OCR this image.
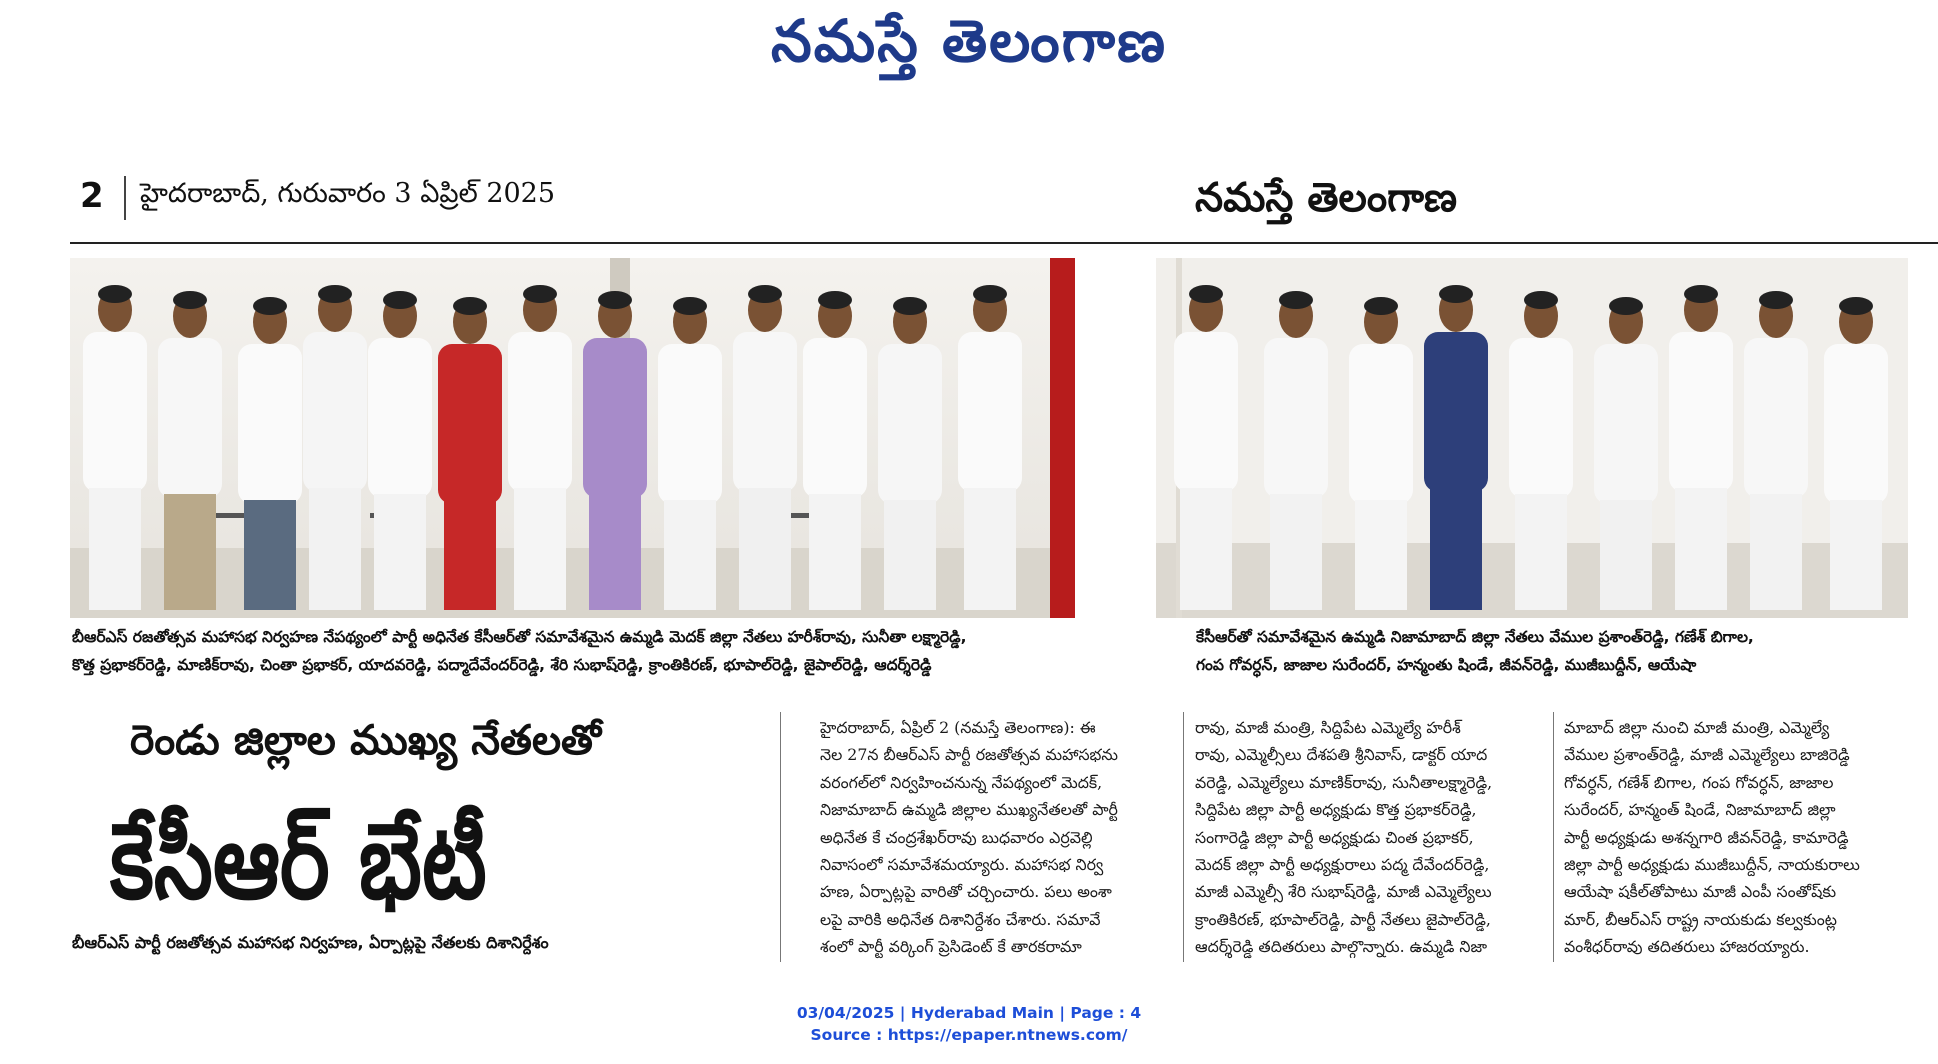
నమస్తే తెలంగాణ
2 హైదరాబాద్, గురువారం 3 ఏప్రిల్ 2025	నమస్తే తెలంగాణ
బీఆర్ఎస్ రజతోత్సవ మహాసభ నిర్వహణ నేపథ్యంలో పార్టీ అధినేత కేసీఆర్‌తో సమావేశమైన ఉమ్మడి మెదక్ జిల్లా నేతలు హరీశ్‌రావు, సునీతా లక్ష్మారెడ్డి,
కొత్త ప్రభాకర్‌రెడ్డి, మాణిక్‌రావు, చింతా ప్రభాకర్, యాదవరెడ్డి, పద్మాదేవేందర్‌రెడ్డి, శేరి సుభాష్‌రెడ్డి, క్రాంతికిరణ్, భూపాల్‌రెడ్డి, జైపాల్‌రెడ్డి, ఆదర్శ్‌రెడ్డి
కేసీఆర్‌తో సమావేశమైన ఉమ్మడి నిజామాబాద్ జిల్లా నేతలు వేముల ప్రశాంత్‌రెడ్డి, గణేశ్ బిగాల,
గంప గోవర్ధన్, జాజాల సురేందర్, హన్మంతు షిండే, జీవన్‌రెడ్డి, ముజీబుద్దీన్, ఆయేషా
రెండు జిల్లాల ముఖ్య నేతలతో
కేసీఆర్ భేటీ
బీఆర్ఎస్ పార్టీ రజతోత్సవ మహాసభ నిర్వహణ, ఏర్పాట్లపై నేతలకు దిశానిర్దేశం
హైదరాబాద్, ఏప్రిల్ 2 (నమస్తే తెలంగాణ): ఈ
నెల 27న బీఆర్ఎస్ పార్టీ రజతోత్సవ మహాసభను
వరంగల్‌లో నిర్వహించనున్న నేపథ్యంలో మెదక్,
నిజామాబాద్ ఉమ్మడి జిల్లాల ముఖ్యనేతలతో పార్టీ
అధినేత కే చంద్రశేఖర్‌రావు బుధవారం ఎర్రవెల్లి
నివాసంలో సమావేశమయ్యారు. మహాసభ నిర్వ
హణ, ఏర్పాట్లపై వారితో చర్చించారు. పలు అంశా
లపై వారికి అధినేత దిశానిర్దేశం చేశారు. సమావే
శంలో పార్టీ వర్కింగ్ ప్రెసిడెంట్ కే తారకరామా
రావు, మాజీ మంత్రి, సిద్దిపేట ఎమ్మెల్యే హరీశ్
రావు, ఎమ్మెల్సీలు దేశపతి శ్రీనివాస్, డాక్టర్ యాద
వరెడ్డి, ఎమ్మెల్యేలు మాణిక్‌రావు, సునీతాలక్ష్మారెడ్డి,
సిద్దిపేట జిల్లా పార్టీ అధ్యక్షుడు కొత్త ప్రభాకర్‌రెడ్డి,
సంగారెడ్డి జిల్లా పార్టీ అధ్యక్షుడు చింత ప్రభాకర్,
మెదక్ జిల్లా పార్టీ అధ్యక్షురాలు పద్మ దేవేందర్‌రెడ్డి,
మాజీ ఎమ్మెల్సీ శేరి సుభాష్‌రెడ్డి, మాజీ ఎమ్మెల్యేలు
క్రాంతికిరణ్, భూపాల్‌రెడ్డి, పార్టీ నేతలు జైపాల్‌రెడ్డి,
ఆదర్శ్‌రెడ్డి తదితరులు పాల్గొన్నారు. ఉమ్మడి నిజా
మాబాద్ జిల్లా నుంచి మాజీ మంత్రి, ఎమ్మెల్యే
వేముల ప్రశాంత్‌రెడ్డి, మాజీ ఎమ్మెల్యేలు బాజిరెడ్డి
గోవర్ధన్, గణేశ్ బిగాల, గంప గోవర్ధన్, జాజాల
సురేందర్, హన్మంత్ షిండే, నిజామాబాద్ జిల్లా
పార్టీ అధ్యక్షుడు అశన్నగారి జీవన్‌రెడ్డి, కామారెడ్డి
జిల్లా పార్టీ అధ్యక్షుడు ముజీబుద్దీన్, నాయకురాలు
ఆయేషా షకీల్‌తోపాటు మాజీ ఎంపీ సంతోష్‌కు
మార్, బీఆర్ఎస్ రాష్ట్ర నాయకుడు కల్వకుంట్ల
వంశీధర్‌రావు తదితరులు హాజరయ్యారు.
03/04/2025 | Hyderabad Main | Page : 4
Source : https://epaper.ntnews.com/
